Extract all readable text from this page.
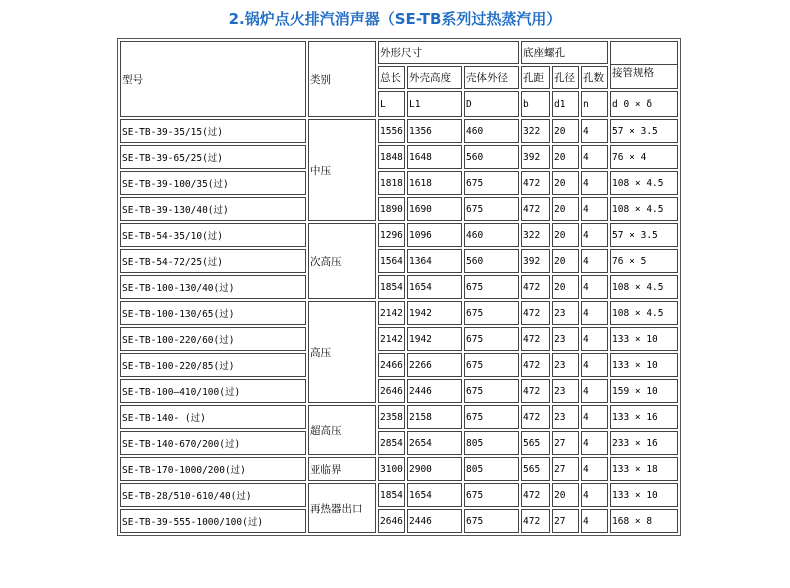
2.锅炉点火排汽消声器（SE-TB系列过热蒸汽用）
型号	类别	外形尺寸			底座螺孔			接管规格
		总长	外壳高度	壳体外径	孔距	孔径	孔数	
		L	L1	D	b	d1	n	d 0 × δ
SE-TB-39-35/15(过)	中压	1556	1356	460	322	20	4	57 × 3.5
SE-TB-39-65/25(过)		1848	1648	560	392	20	4	76 × 4
SE-TB-39-100/35(过)		1818	1618	675	472	20	4	108 × 4.5
SE-TB-39-130/40(过)		1890	1690	675	472	20	4	108 × 4.5
SE-TB-54-35/10(过)	次高压	1296	1096	460	322	20	4	57 × 3.5
SE-TB-54-72/25(过)		1564	1364	560	392	20	4	76 × 5
SE-TB-100-130/40(过)		1854	1654	675	472	20	4	108 × 4.5
SE-TB-100-130/65(过)	高压	2142	1942	675	472	23	4	108 × 4.5
SE-TB-100-220/60(过)		2142	1942	675	472	23	4	133 × 10
SE-TB-100-220/85(过)		2466	2266	675	472	23	4	133 × 10
SE-TB-100—410/100(过)		2646	2446	675	472	23	4	159 × 10
SE-TB-140- (过)	超高压	2358	2158	675	472	23	4	133 × 16
SE-TB-140-670/200(过)		2854	2654	805	565	27	4	233 × 16
SE-TB-170-1000/200(过)	亚临界	3100	2900	805	565	27	4	133 × 18
SE-TB-28/510-610/40(过)	再热器出口	1854	1654	675	472	20	4	133 × 10
SE-TB-39-555-1000/100(过)		2646	2446	675	472	27	4	168 × 8
